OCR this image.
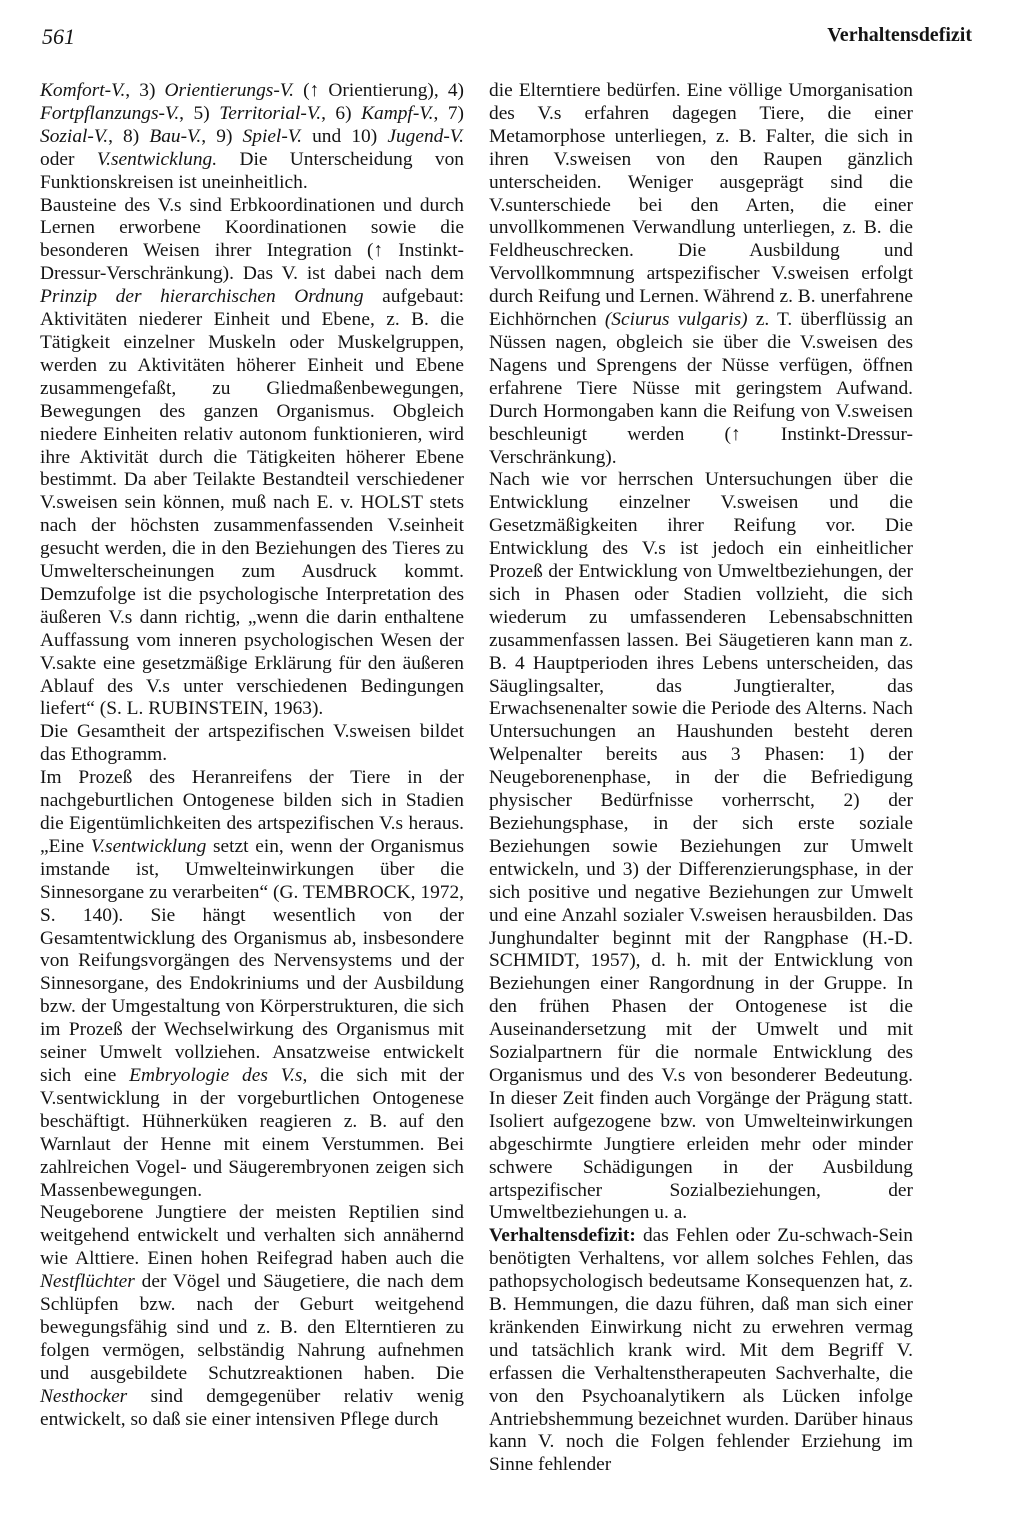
561	Verhaltensdefizit

Komfort-V., 3) Orientierungs-V. (↑ Orientierung), 4) Fortpflanzungs-V., 5) Territorial-V., 6) Kampf-V., 7) Sozial-V., 8) Bau-V., 9) Spiel-V. und 10) Jugend-V. oder V.sentwicklung. Die Unterscheidung von Funktionskreisen ist uneinheitlich.

Bausteine des V.s sind Erbkoordinationen und durch Lernen erworbene Koordinationen sowie die besonderen Weisen ihrer Integration (↑ Instinkt-Dressur-Verschränkung). Das V. ist dabei nach dem Prinzip der hierarchischen Ordnung aufgebaut: Aktivitäten niederer Einheit und Ebene, z. B. die Tätigkeit einzelner Muskeln oder Muskelgruppen, werden zu Aktivitäten höherer Einheit und Ebene zusammengefaßt, zu Gliedmaßenbewegungen, Bewegungen des ganzen Organismus. Obgleich niedere Einheiten relativ autonom funktionieren, wird ihre Aktivität durch die Tätigkeiten höherer Ebene bestimmt. Da aber Teilakte Bestandteil verschiedener V.sweisen sein können, muß nach E. v. HOLST stets nach der höchsten zusammenfassenden V.seinheit gesucht werden, die in den Beziehungen des Tieres zu Umwelterscheinungen zum Ausdruck kommt. Demzufolge ist die psychologische Interpretation des äußeren V.s dann richtig, „wenn die darin enthaltene Auffassung vom inneren psychologischen Wesen der V.sakte eine gesetzmäßige Erklärung für den äußeren Ablauf des V.s unter verschiedenen Bedingungen liefert“ (S. L. RUBINSTEIN, 1963).

Die Gesamtheit der artspezifischen V.sweisen bildet das Ethogramm.

Im Prozeß des Heranreifens der Tiere in der nachgeburtlichen Ontogenese bilden sich in Stadien die Eigentümlichkeiten des artspezifischen V.s heraus. „Eine V.sentwicklung setzt ein, wenn der Organismus imstande ist, Umwelteinwirkungen über die Sinnesorgane zu verarbeiten“ (G. TEMBROCK, 1972, S. 140). Sie hängt wesentlich von der Gesamtentwicklung des Organismus ab, insbesondere von Reifungsvorgängen des Nervensystems und der Sinnesorgane, des Endokriniums und der Ausbildung bzw. der Umgestaltung von Körperstrukturen, die sich im Prozeß der Wechselwirkung des Organismus mit seiner Umwelt vollziehen. Ansatzweise entwickelt sich eine Embryologie des V.s, die sich mit der V.sentwicklung in der vorgeburtlichen Ontogenese beschäftigt. Hühnerküken reagieren z. B. auf den Warnlaut der Henne mit einem Verstummen. Bei zahlreichen Vogel- und Säugerembryonen zeigen sich Massenbewegungen.

Neugeborene Jungtiere der meisten Reptilien sind weitgehend entwickelt und verhalten sich annähernd wie Alttiere. Einen hohen Reifegrad haben auch die Nestflüchter der Vögel und Säugetiere, die nach dem Schlüpfen bzw. nach der Geburt weitgehend bewegungsfähig sind und z. B. den Elterntieren zu folgen vermögen, selbständig Nahrung aufnehmen und ausgebildete Schutzreaktionen haben. Die Nesthocker sind demgegenüber relativ wenig entwickelt, so daß sie einer intensiven Pflege durch

die Elterntiere bedürfen. Eine völlige Umorganisation des V.s erfahren dagegen Tiere, die einer Metamorphose unterliegen, z. B. Falter, die sich in ihren V.sweisen von den Raupen gänzlich unterscheiden. Weniger ausgeprägt sind die V.sunterschiede bei den Arten, die einer unvollkommenen Verwandlung unterliegen, z. B. die Feldheuschrecken. Die Ausbildung und Vervollkommnung artspezifischer V.sweisen erfolgt durch Reifung und Lernen. Während z. B. unerfahrene Eichhörnchen (Sciurus vulgaris) z. T. überflüssig an Nüssen nagen, obgleich sie über die V.sweisen des Nagens und Sprengens der Nüsse verfügen, öffnen erfahrene Tiere Nüsse mit geringstem Aufwand. Durch Hormongaben kann die Reifung von V.sweisen beschleunigt werden (↑ Instinkt-Dressur-Verschränkung).

Nach wie vor herrschen Untersuchungen über die Entwicklung einzelner V.sweisen und die Gesetzmäßigkeiten ihrer Reifung vor. Die Entwicklung des V.s ist jedoch ein einheitlicher Prozeß der Entwicklung von Umweltbeziehungen, der sich in Phasen oder Stadien vollzieht, die sich wiederum zu umfassenderen Lebensabschnitten zusammenfassen lassen. Bei Säugetieren kann man z. B. 4 Hauptperioden ihres Lebens unterscheiden, das Säuglingsalter, das Jungtieralter, das Erwachsenenalter sowie die Periode des Alterns. Nach Untersuchungen an Haushunden besteht deren Welpenalter bereits aus 3 Phasen: 1) der Neugeborenenphase, in der die Befriedigung physischer Bedürfnisse vorherrscht, 2) der Beziehungsphase, in der sich erste soziale Beziehungen sowie Beziehungen zur Umwelt entwickeln, und 3) der Differenzierungsphase, in der sich positive und negative Beziehungen zur Umwelt und eine Anzahl sozialer V.sweisen herausbilden. Das Junghundalter beginnt mit der Rangphase (H.-D. SCHMIDT, 1957), d. h. mit der Entwicklung von Beziehungen einer Rangordnung in der Gruppe. In den frühen Phasen der Ontogenese ist die Auseinandersetzung mit der Umwelt und mit Sozialpartnern für die normale Entwicklung des Organismus und des V.s von besonderer Bedeutung. In dieser Zeit finden auch Vorgänge der Prägung statt. Isoliert aufgezogene bzw. von Umwelteinwirkungen abgeschirmte Jungtiere erleiden mehr oder minder schwere Schädigungen in der Ausbildung artspezifischer Sozialbeziehungen, der Umweltbeziehungen u. a.

Verhaltensdefizit: das Fehlen oder Zu-schwach-Sein benötigten Verhaltens, vor allem solches Fehlen, das pathopsychologisch bedeutsame Konsequenzen hat, z. B. Hemmungen, die dazu führen, daß man sich einer kränkenden Einwirkung nicht zu erwehren vermag und tatsächlich krank wird. Mit dem Begriff V. erfassen die Verhaltenstherapeuten Sachverhalte, die von den Psychoanalytikern als Lücken infolge Antriebshemmung bezeichnet wurden. Darüber hinaus kann V. noch die Folgen fehlender Erziehung im Sinne fehlender
